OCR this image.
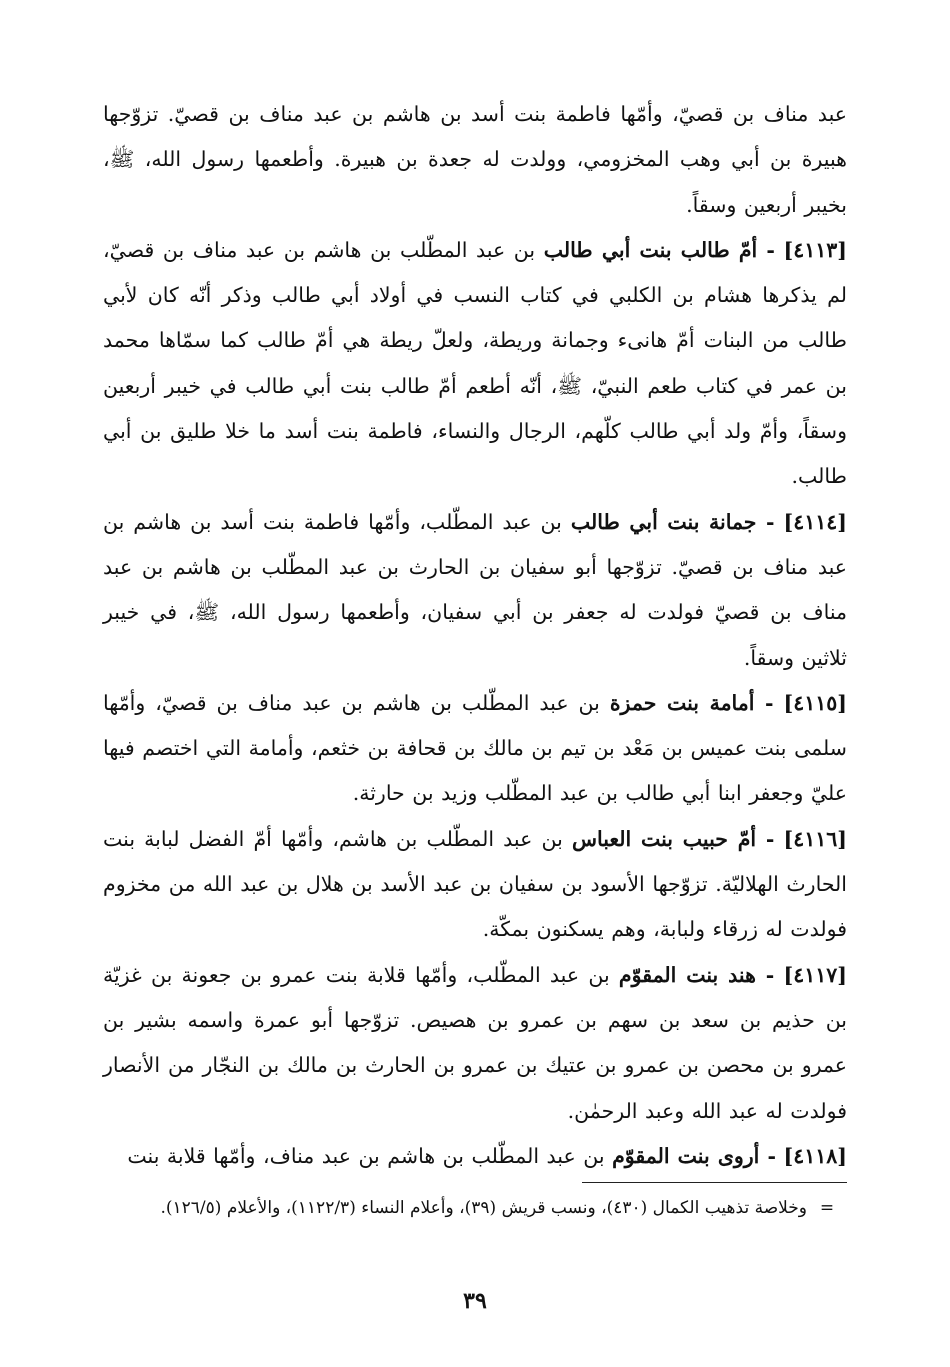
عبد مناف بن قصيّ، وأمّها فاطمة بنت أسد بن هاشم بن عبد مناف بن قصيّ. تزوّجها هبيرة بن أبي وهب المخزومي، وولدت له جعدة بن هبيرة. وأطعمها رسول الله، ﷺ، بخيبر أربعين وسقاً.

[٤١١٣] - أمّ طالب بنت أبي طالب بن عبد المطّلب بن هاشم بن عبد مناف بن قصيّ، لم يذكرها هشام بن الكلبي في كتاب النسب في أولاد أبي طالب وذكر أنّه كان لأبي طالب من البنات أمّ هانىء وجمانة وريطة، ولعلّ ريطة هي أمّ طالب كما سمّاها محمد بن عمر في كتاب طعم النبيّ، ﷺ، أنّه أطعم أمّ طالب بنت أبي طالب في خيبر أربعين وسقاً، وأمّ ولد أبي طالب كلّهم، الرجال والنساء، فاطمة بنت أسد ما خلا طليق بن أبي طالب.

[٤١١٤] - جمانة بنت أبي طالب بن عبد المطّلب، وأمّها فاطمة بنت أسد بن هاشم بن عبد مناف بن قصيّ. تزوّجها أبو سفيان بن الحارث بن عبد المطّلب بن هاشم بن عبد مناف بن قصيّ فولدت له جعفر بن أبي سفيان، وأطعمها رسول الله، ﷺ، في خيبر ثلاثين وسقاً.

[٤١١٥] - أمامة بنت حمزة بن عبد المطّلب بن هاشم بن عبد مناف بن قصيّ، وأمّها سلمى بنت عميس بن مَعْد بن تيم بن مالك بن قحافة بن خثعم، وأمامة التي اختصم فيها عليّ وجعفر ابنا أبي طالب بن عبد المطّلب وزيد بن حارثة.

[٤١١٦] - أمّ حبيب بنت العباس بن عبد المطّلب بن هاشم، وأمّها أمّ الفضل لبابة بنت الحارث الهلاليّة. تزوّجها الأسود بن سفيان بن عبد الأسد بن هلال بن عبد الله من مخزوم فولدت له زرقاء ولبابة، وهم يسكنون بمكّة.

[٤١١٧] - هند بنت المقوّم بن عبد المطّلب، وأمّها قلابة بنت عمرو بن جعونة بن غزيّة بن حذيم بن سعد بن سهم بن عمرو بن هصيص. تزوّجها أبو عمرة واسمه بشير بن عمرو بن محصن بن عمرو بن عتيك بن عمرو بن الحارث بن مالك بن النجّار من الأنصار فولدت له عبد الله وعبد الرحمٰن.

[٤١١٨] - أروى بنت المقوّم بن عبد المطّلب بن هاشم بن عبد مناف، وأمّها قلابة بنت

=وخلاصة تذهيب الكمال (٤٣٠)، ونسب قريش (٣٩)، وأعلام النساء (١١٢٢/٣)، والأعلام (١٢٦/٥).
٣٩
